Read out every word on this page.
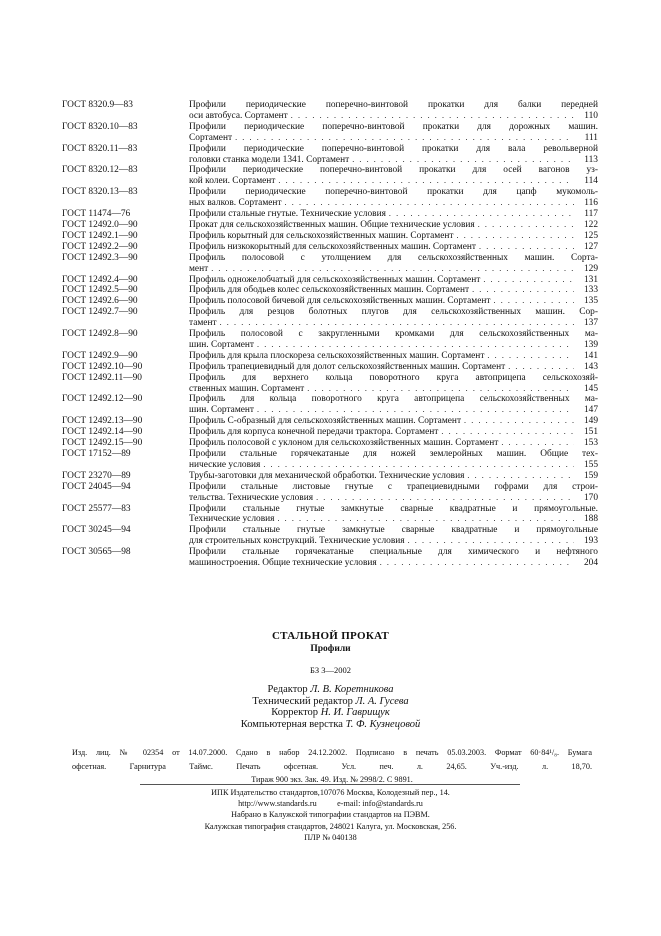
ГОСТ 8320.9—83	Профили периодические поперечно-винтовой прокатки для балки передней
оси автобуса. Сортамент . . .	110
ГОСТ 8320.10—83	Профили периодические поперечно-винтовой прокатки для дорожных машин.
Сортамент . . .	111
ГОСТ 8320.11—83	Профили периодические поперечно-винтовой прокатки для вала револьверной
головки станка модели 1341. Сортамент . . .	113
ГОСТ 8320.12—83	Профили периодические поперечно-винтовой прокатки для осей вагонов уз-
кой колеи. Сортамент . . .	114
ГОСТ 8320.13—83	Профили периодические поперечно-винтовой прокатки для цапф мукомоль-
ных валков. Сортамент . . .	116
ГОСТ 11474—76	Профили стальные гнутые. Технические условия . . .	117
ГОСТ 12492.0—90	Прокат для сельскохозяйственных машин. Общие технические условия . . .	122
ГОСТ 12492.1—90	Профиль корытный для сельскохозяйственных машин. Сортамент . . .	125
ГОСТ 12492.2—90	Профиль низкокорытный для сельскохозяйственных машин. Сортамент . . .	127
ГОСТ 12492.3—90	Профиль полосовой с утолщением для сельскохозяйственных машин. Сорта-
мент . . .	129
ГОСТ 12492.4—90	Профиль одножелобчатый для сельскохозяйственных машин. Сортамент . . .	131
ГОСТ 12492.5—90	Профиль для ободьев колес сельскохозяйственных машин. Сортамент . . .	133
ГОСТ 12492.6—90	Профиль полосовой бичевой для сельскохозяйственных машин. Сортамент . . .	135
ГОСТ 12492.7—90	Профиль для резцов болотных плугов для сельскохозяйственных машин. Сор-
тамент . . .	137
ГОСТ 12492.8—90	Профиль полосовой с закругленными кромками для сельскохозяйственных ма-
шин. Сортамент . . .	139
ГОСТ 12492.9—90	Профиль для крыла плоскореза сельскохозяйственных машин. Сортамент . . .	141
ГОСТ 12492.10—90	Профиль трапециевидный для долот сельскохозяйственных машин. Сортамент . . .	143
ГОСТ 12492.11—90	Профиль для верхнего кольца поворотного круга автоприцепа сельскохозяй-
ственных машин. Сортамент . . .	145
ГОСТ 12492.12—90	Профиль для кольца поворотного круга автоприцепа сельскохозяйственных ма-
шин. Сортамент . . .	147
ГОСТ 12492.13—90	Профиль С-образный для сельскохозяйственных машин. Сортамент . . .	149
ГОСТ 12492.14—90	Профиль для корпуса конечной передачи трактора. Сортамент . . .	151
ГОСТ 12492.15—90	Профиль полосовой с уклоном для сельскохозяйственных машин. Сортамент . . .	153
ГОСТ 17152—89	Профили стальные горячекатаные для ножей землеройных машин. Общие тех-
нические условия . . .	155
ГОСТ 23270—89	Трубы-заготовки для механической обработки. Технические условия . . .	159
ГОСТ 24045—94	Профили стальные листовые гнутые с трапециевидными гофрами для строи-
тельства. Технические условия . . .	170
ГОСТ 25577—83	Профили стальные гнутые замкнутые сварные квадратные и прямоугольные.
Технические условия . . .	188
ГОСТ 30245—94	Профили стальные гнутые замкнутые сварные квадратные и прямоугольные
для строительных конструкций. Технические условия . . .	193
ГОСТ 30565—98	Профили стальные горячекатаные специальные для химического и нефтяного
машиностроения. Общие технические условия . . .	204
СТАЛЬНОЙ ПРОКАТ
Профили
БЗ 3—2002
Редактор Л. В. Коретникова
Технический редактор Л. А. Гусева
Корректор Н. И. Гаврищук
Компьютерная верстка Т. Ф. Кузнецовой
Изд. лиц. № 02354 от 14.07.2000. Сдано в набор 24.12.2002. Подписано в печать 05.03.2003. Формат 60·84¹/₈. Бумага
офсетная. Гарнитура Таймс. Печать офсетная. Усл. печ. л. 24,65. Уч.-изд. л. 18,70.
Тираж 900 экз. Зак. 49. Изд. № 2998/2. С 9891.
ИПК Издательство стандартов,107076 Москва, Колодезный пер., 14.
http://www.standards.ru          e-mail: info@standards.ru
Набрано в Калужской типографии стандартов на ПЭВМ.
Калужская типография стандартов, 248021 Калуга, ул. Московская, 256.
ПЛР № 040138
